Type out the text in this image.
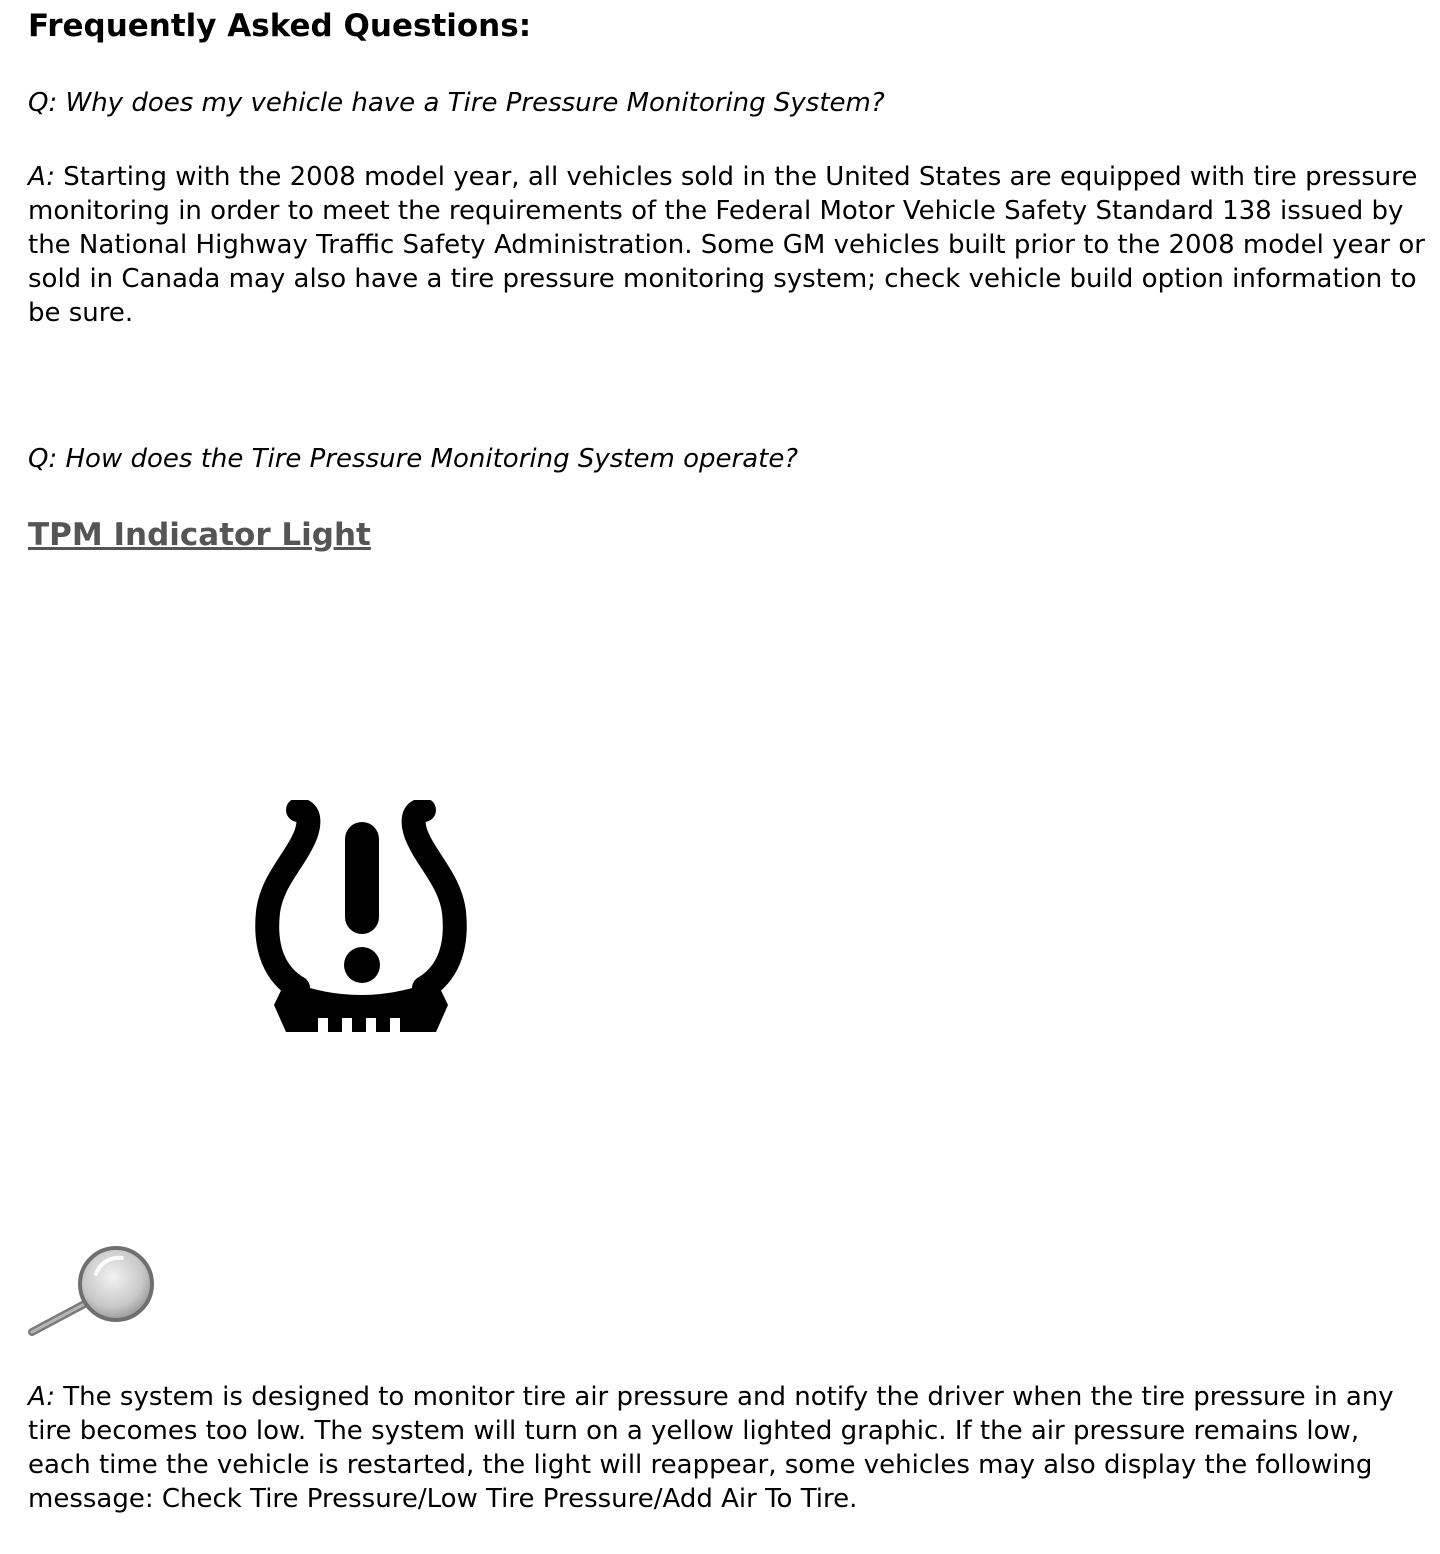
Frequently Asked Questions:

Q: Why does my vehicle have a Tire Pressure Monitoring System?

A: Starting with the 2008 model year, all vehicles sold in the United States are equipped with tire pressure monitoring in order to meet the requirements of the Federal Motor Vehicle Safety Standard 138 issued by the National Highway Traffic Safety Administration. Some GM vehicles built prior to the 2008 model year or sold in Canada may also have a tire pressure monitoring system; check vehicle build option information to be sure.

Q: How does the Tire Pressure Monitoring System operate?

TPM Indicator Light

A: The system is designed to monitor tire air pressure and notify the driver when the tire pressure in any tire becomes too low. The system will turn on a yellow lighted graphic. If the air pressure remains low, each time the vehicle is restarted, the light will reappear, some vehicles may also display the following message: Check Tire Pressure/Low Tire Pressure/Add Air To Tire.
